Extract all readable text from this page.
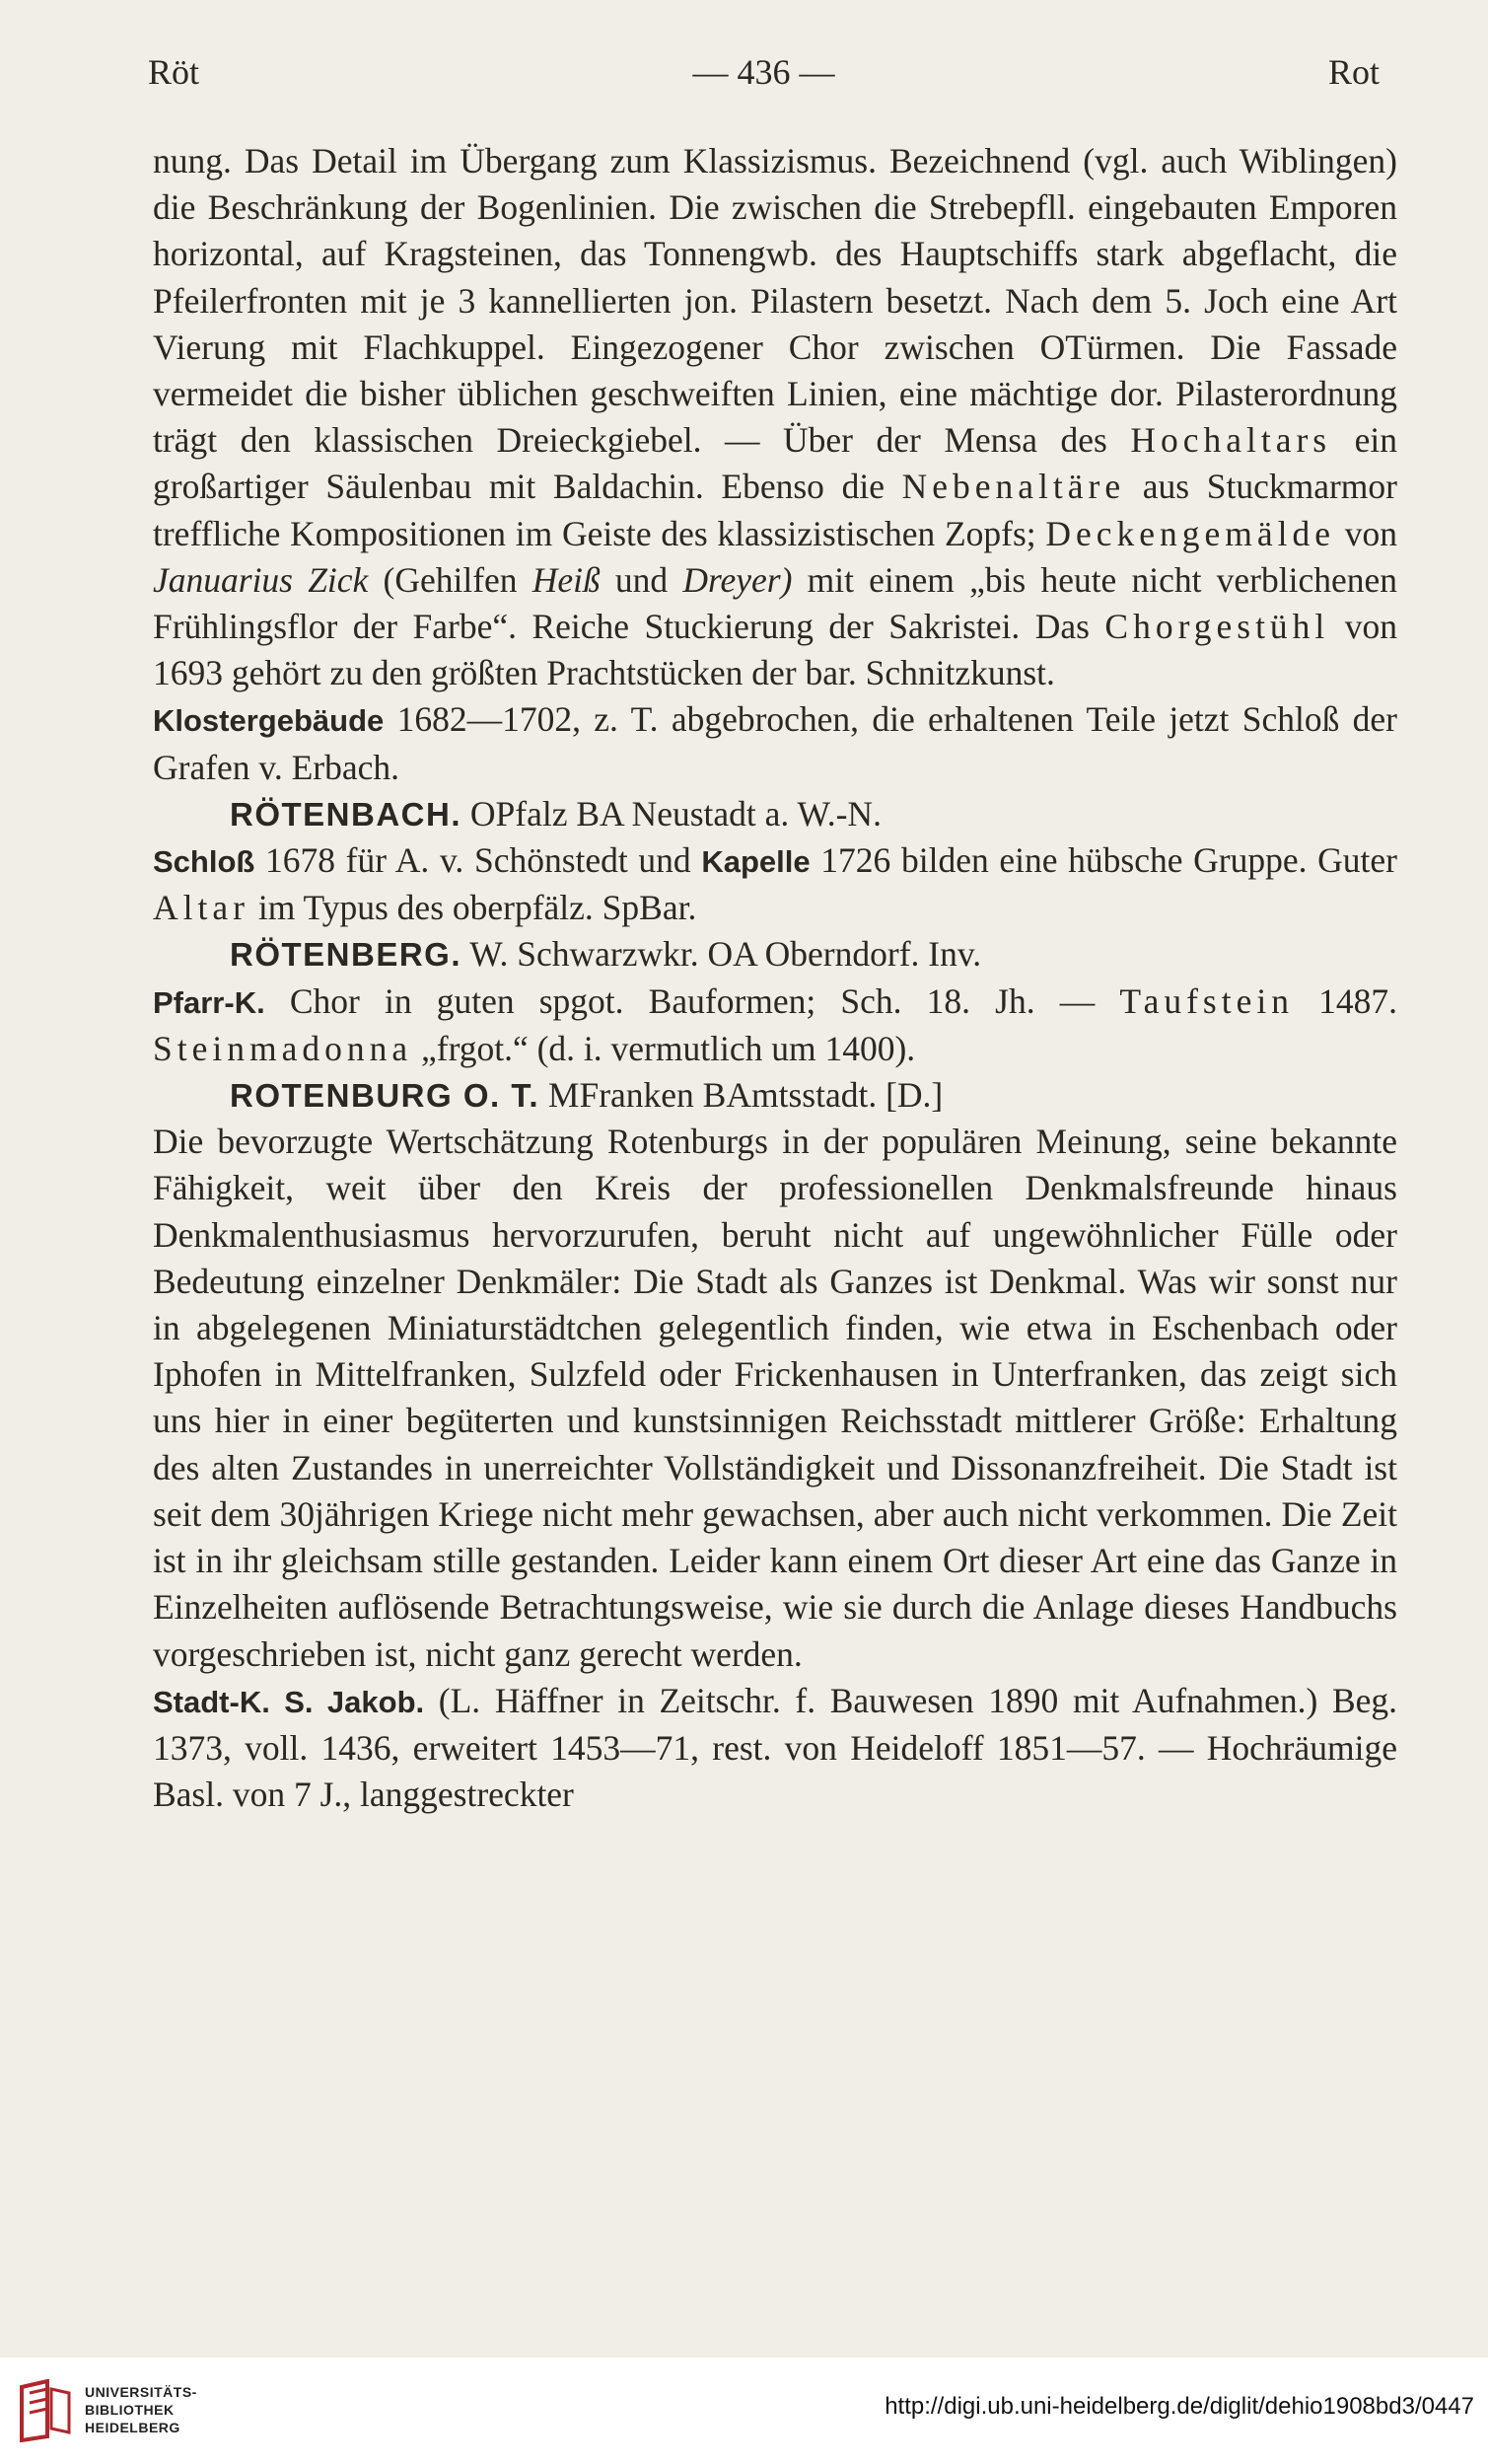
Röt	— 436 —	Rot

nung. Das Detail im Übergang zum Klassizismus. Bezeichnend (vgl. auch Wiblingen) die Beschränkung der Bogenlinien. Die zwischen die Strebepfll. eingebauten Emporen horizontal, auf Kragsteinen, das Tonnengwb. des Hauptschiffs stark abgeflacht, die Pfeilerfronten mit je 3 kannellierten jon. Pilastern besetzt. Nach dem 5. Joch eine Art Vierung mit Flachkuppel. Eingezogener Chor zwischen OTürmen. Die Fassade vermeidet die bisher üblichen geschweiften Linien, eine mächtige dor. Pilasterordnung trägt den klassischen Dreieckgiebel. — Über der Mensa des Hochaltars ein großartiger Säulenbau mit Baldachin. Ebenso die Nebenaltäre aus Stuckmarmor treffliche Kompositionen im Geiste des klassizistischen Zopfs; Deckengemälde von Januarius Zick (Gehilfen Heiß und Dreyer) mit einem „bis heute nicht verblichenen Frühlingsflor der Farbe“. Reiche Stuckierung der Sakristei. Das Chorgestühl von 1693 gehört zu den größten Prachtstücken der bar. Schnitzkunst.

Klostergebäude 1682—1702, z. T. abgebrochen, die erhaltenen Teile jetzt Schloß der Grafen v. Erbach.

RÖTENBACH. OPfalz BA Neustadt a. W.-N.

Schloß 1678 für A. v. Schönstedt und Kapelle 1726 bilden eine hübsche Gruppe. Guter Altar im Typus des oberpfälz. SpBar.

RÖTENBERG. W. Schwarzwkr. OA Oberndorf. Inv.

Pfarr-K. Chor in guten spgot. Bauformen; Sch. 18. Jh. — Taufstein 1487. Steinmadonna „frgot.“ (d. i. vermutlich um 1400).

ROTENBURG O. T. MFranken BAmtsstadt. [D.]

Die bevorzugte Wertschätzung Rotenburgs in der populären Meinung, seine bekannte Fähigkeit, weit über den Kreis der professionellen Denkmalsfreunde hinaus Denkmalenthusiasmus hervorzurufen, beruht nicht auf ungewöhnlicher Fülle oder Bedeutung einzelner Denkmäler: Die Stadt als Ganzes ist Denkmal. Was wir sonst nur in abgelegenen Miniaturstädtchen gelegentlich finden, wie etwa in Eschenbach oder Iphofen in Mittelfranken, Sulzfeld oder Frickenhausen in Unterfranken, das zeigt sich uns hier in einer begüterten und kunstsinnigen Reichsstadt mittlerer Größe: Erhaltung des alten Zustandes in unerreichter Vollständigkeit und Dissonanzfreiheit. Die Stadt ist seit dem 30jährigen Kriege nicht mehr gewachsen, aber auch nicht verkommen. Die Zeit ist in ihr gleichsam stille gestanden. Leider kann einem Ort dieser Art eine das Ganze in Einzelheiten auflösende Betrachtungsweise, wie sie durch die Anlage dieses Handbuchs vorgeschrieben ist, nicht ganz gerecht werden.

Stadt-K. S. Jakob. (L. Häffner in Zeitschr. f. Bauwesen 1890 mit Aufnahmen.) Beg. 1373, voll. 1436, erweitert 1453—71, rest. von Heideloff 1851—57. — Hochräumige Basl. von 7 J., langgestreckter

UNIVERSITÄTS-
BIBLIOTHEK
HEIDELBERG
http://digi.ub.uni-heidelberg.de/diglit/dehio1908bd3/0447
